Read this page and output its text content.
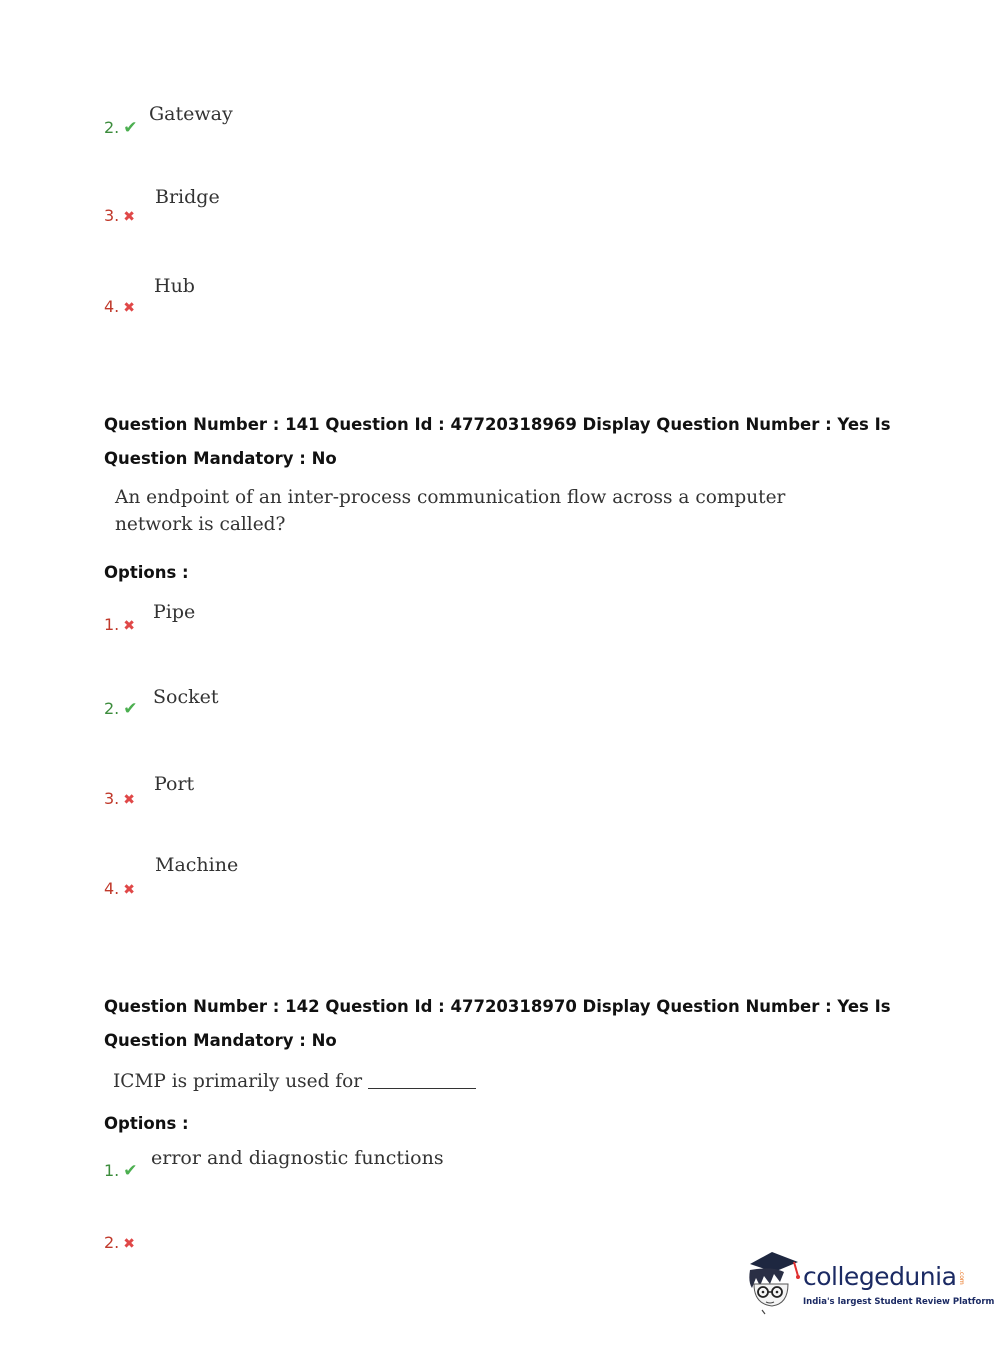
2. ✔
Gateway
3. ✖
Bridge
4. ✖
Hub
Question Number : 141 Question Id : 47720318969 Display Question Number : Yes Is Question Mandatory : No
An endpoint of an inter-process communication flow across a computer
network is called?
Options :
1. ✖
Pipe
2. ✔
Socket
3. ✖
Port
4. ✖
Machine
Question Number : 142 Question Id : 47720318970 Display Question Number : Yes Is Question Mandatory : No
ICMP is primarily used for
Options :
1. ✔
error and diagnostic functions
2. ✖
collegedunia .com
India's largest Student Review Platform
